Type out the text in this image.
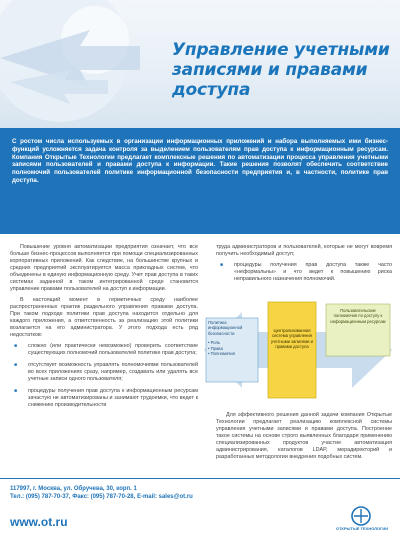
Управление учетными
записями и правами доступа

С ростом числа используемых в организации информационных приложений и набора выполняемых ими бизнес-функций усложняется задача контроля за выделением пользователям прав доступа к информационным ресурсам. Компания Открытые Технологии предлагает комплексные решения по автоматизации процесса управления учетными записями пользователей и правами доступа к информации. Такие решения позволят обеспечить соответствие полномочий пользователей политике информационной безопасности предприятия и, в частности, политике прав доступа.

Повышение уровня автоматизации предприятия означает, что все больше бизнес-процессов выполняется при помощи специализированных корпоративных приложений. Как следствие, на большинстве крупных и средних предприятий эксплуатируется масса прикладных систем, что объединены в единую информационную среду. Учет прав доступа в таких системах заданной в таком интегрированной среде становится управление правами пользователей на доступ к информации.

В настоящий момент в герметичных среду наиболее распространенных практик раздельного управления правами доступа. При таком подходе политики прав доступа находится отдельно для каждого приложения, а ответственность за реализацию этой политики возлагается на его администратора. У этого подхода есть ряд недостатков:

■ сложно (или практически невозможно) проверить соответствие существующих полномочий пользователей политике прав доступа;
■ отсутствует возможность управлять полномочиями пользователей во всех приложениях сразу, например, создавать или удалять все учетные записи одного пользователя;
■ процедуры получения прав доступа к информационным ресурсам зачастую не автоматизированы и занимают трудоемки, что ведет к снижению производительности

труда администраторов и пользователей, которые не могут вовремя получить необходимый доступ;

■ процедуры получения прав доступа также часто «неформальны» и что ведет к повышению риска неправильного назначения полномочий.
Политика информационной безопасности
• Роль
• Права
• Полномочия
Централизованная система управления учетными записями и правами доступа
Пользовательские полномочия по доступу к информационным ресурсам

Для эффективного решения данной задачи компания Открытые Технологии предлагает реализацию комплексной системы управления учетными записями и правами доступа. Построение такое системы на основе строго выявленных благодаря применению специализированных продуктов участие автоматизация администрирования, каталогов LDAP, мерадиректорий и разработанных методологии внедрения подобных систем.

117997, г. Москва, ул. Обручева, 30, корп. 1
Тел.: (095) 787-70-37, Факс: (095) 787-70-28, E-mail: sales@ot.ru
www.ot.ru	ОТКРЫТЫЕ ТЕХНОЛОГИИ
